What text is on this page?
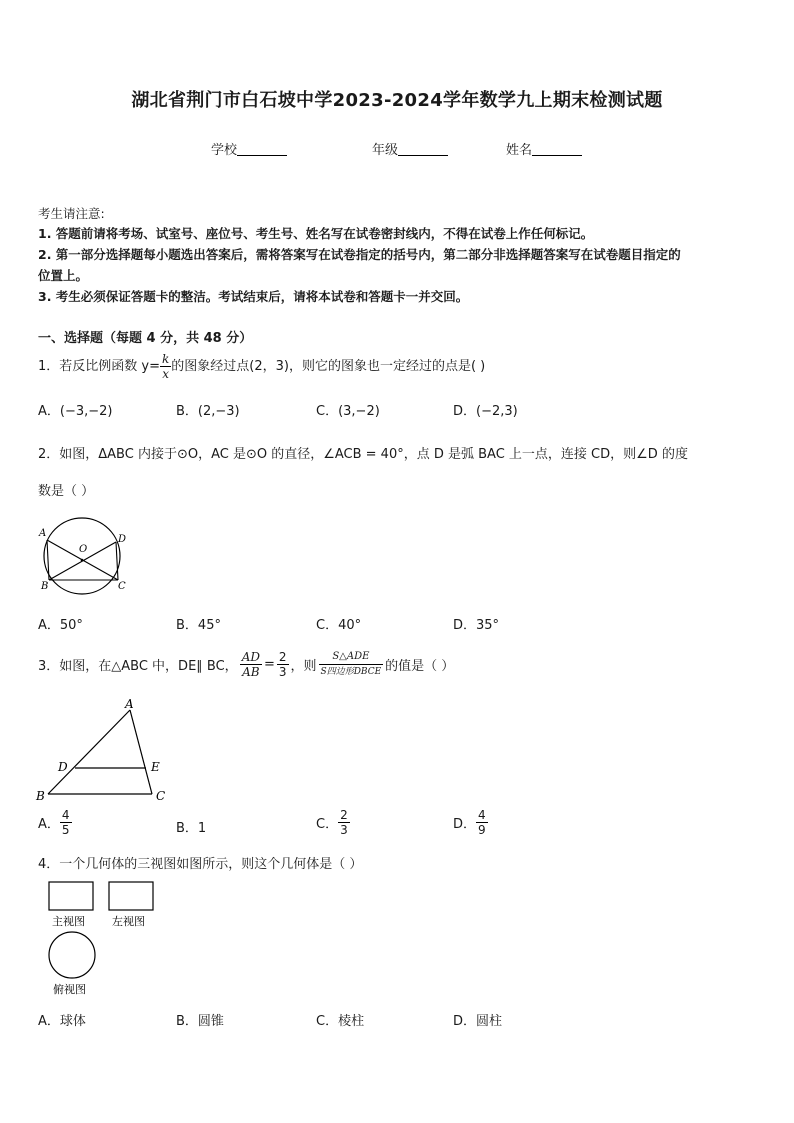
湖北省荆门市白石坡中学2023-2024学年数学九上期末检测试题
学校	年级	姓名
考生请注意:
1. 答题前请将考场、试室号、座位号、考生号、姓名写在试卷密封线内，不得在试卷上作任何标记。
2. 第一部分选择题每小题选出答案后，需将答案写在试卷指定的括号内，第二部分非选择题答案写在试卷题目指定的
位置上。
3. 考生必须保证答题卡的整洁。考试结束后，请将本试卷和答题卡一并交回。
一、选择题（每题 4 分，共 48 分）
1．若反比例函数 $y= \frac{k}{x}$ 的图象经过点(2，3)，则它的图象也一定经过的点是( )
A．(−3,−2)	B．(2,−3)	C．(3,−2)	D．(−2,3)
2．如图，ΔABC 内接于⊙O，AC 是⊙O 的直径，∠ACB = 40°，点 D 是弧 BAC 上一点，连接 CD，则∠D 的度
数是（ ）
A
O
D
B	C
A．50°	B．45°	C．40°	D．35°
3．如图，在△ABC 中，DE∥ BC， $\frac{AD}{AB} = \frac{2}{3}$ ，则 $\frac{\text{S△ADE}}{\text{S四边形DBCE}}$ 的值是（ ）
A
D	E
B	C
A． $\frac{4}{5}$	B．1	C． $\frac{2}{3}$	D． $\frac{4}{9}$
4．一个几何体的三视图如图所示，则这个几何体是（ ）
主视图 左视图
俯视图
A．球体	B．圆锥	C．棱柱	D．圆柱
